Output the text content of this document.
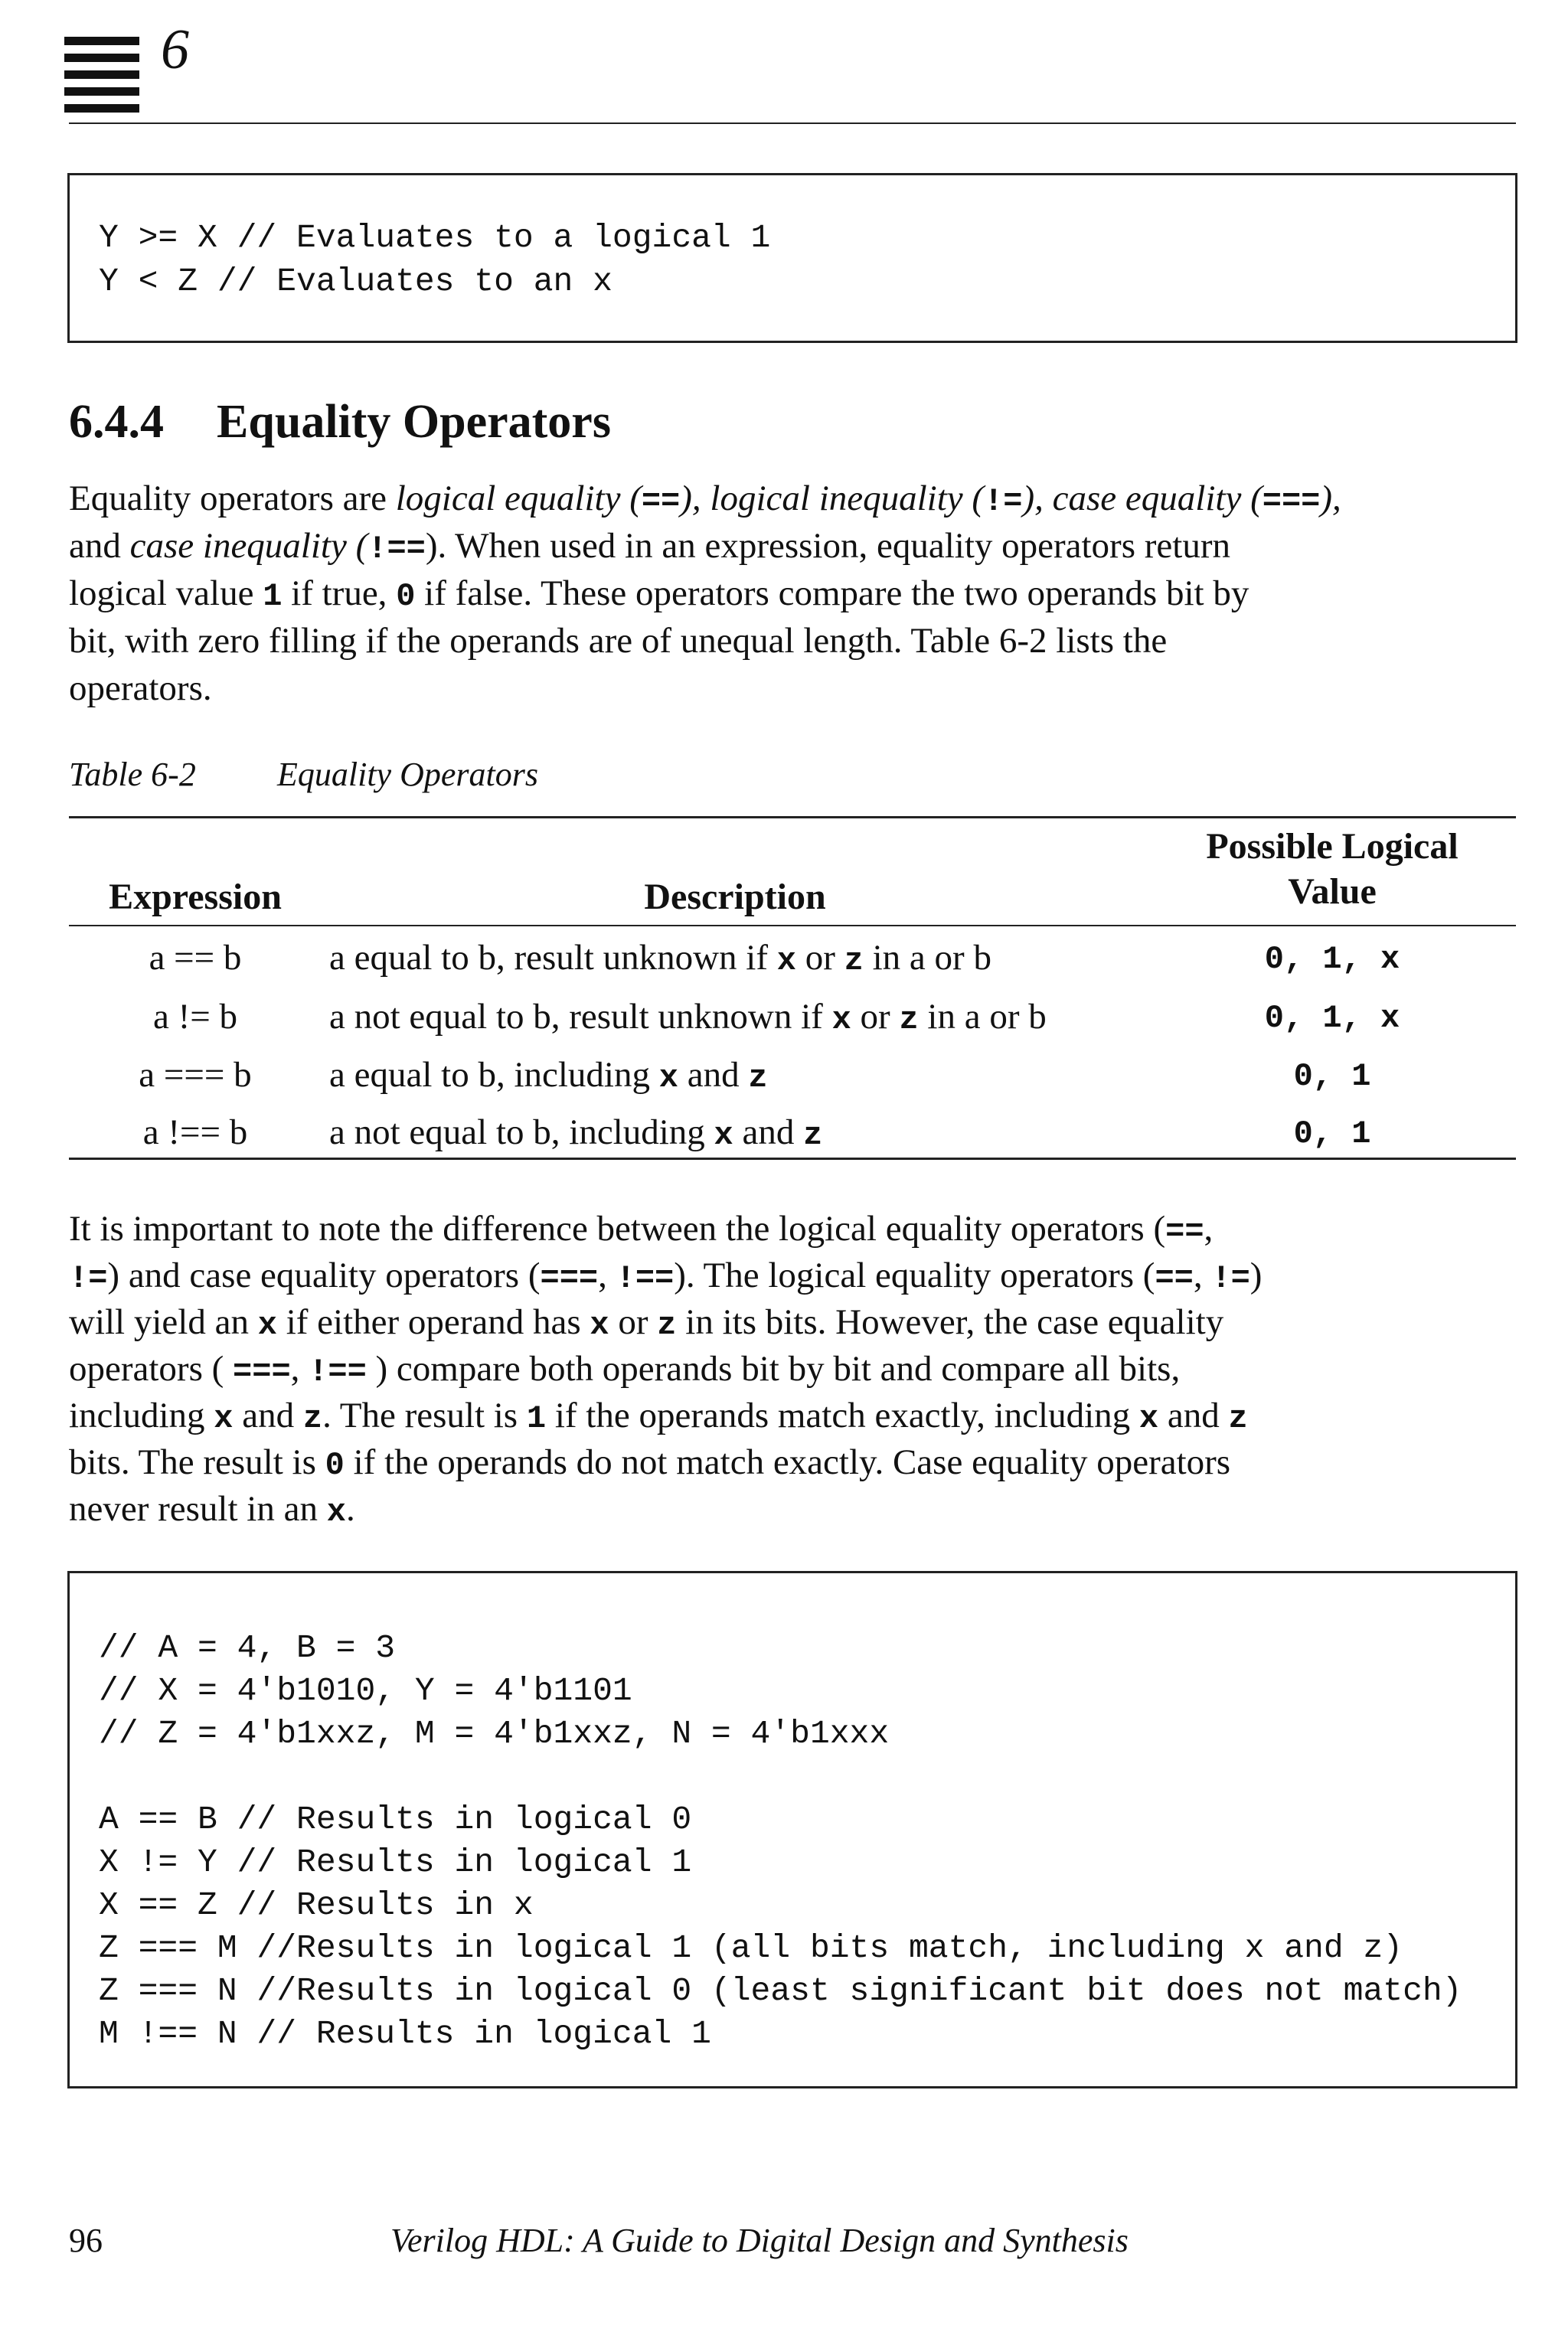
6
Y >= X // Evaluates to a logical 1
Y < Z // Evaluates to an x
6.4.4 Equality Operators
Equality operators are logical equality (==), logical inequality (!=), case equality (===),
and case inequality (!==). When used in an expression, equality operators return
logical value 1 if true, 0 if false. These operators compare the two operands bit by
bit, with zero filling if the operands are of unequal length. Table 6-2 lists the
operators.
Table 6-2 Equality Operators
Expression	Description
Possible Logical
Value
a == b	a equal to b, result unknown if x or z in a or b	0, 1, x
a != b	a not equal to b, result unknown if x or z in a or b	0, 1, x
a === b	a equal to b, including x and z	0, 1
a !== b	a not equal to b, including x and z	0, 1
It is important to note the difference between the logical equality operators (==,
!=) and case equality operators (===, !==). The logical equality operators (==, !=)
will yield an x if either operand has x or z in its bits. However, the case equality
operators ( ===, !== ) compare both operands bit by bit and compare all bits,
including x and z. The result is 1 if the operands match exactly, including x and z
bits. The result is 0 if the operands do not match exactly. Case equality operators
never result in an x.
// A = 4, B = 3
// X = 4'b1010, Y = 4'b1101
// Z = 4'b1xxz, M = 4'b1xxz, N = 4'b1xxx
A == B // Results in logical 0
X != Y // Results in logical 1
X == Z // Results in x
Z === M //Results in logical 1 (all bits match, including x and z)
Z === N //Results in logical 0 (least significant bit does not match)
M !== N // Results in logical 1
96	Verilog HDL: A Guide to Digital Design and Synthesis
